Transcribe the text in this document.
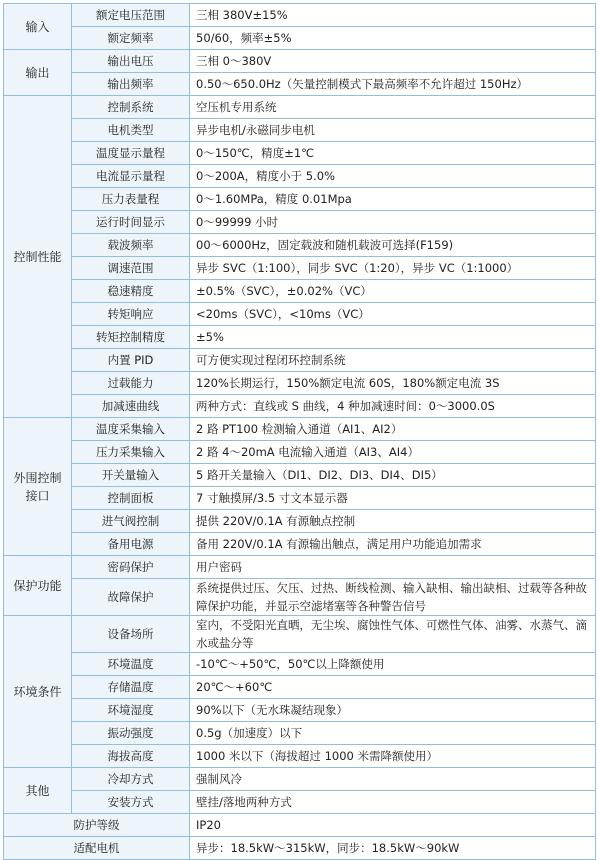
输入	额定电压范围	三相 380V±15%
	额定频率	50/60，频率±5%
输出	输出电压	三相 0～380V
	输出频率	0.50～650.0Hz（矢量控制模式下最高频率不允许超过 150Hz）
控制性能	控制系统	空压机专用系统
	电机类型	异步电机/永磁同步电机
	温度显示量程	0～150℃，精度±1℃
	电流显示量程	0～200A，精度小于 5.0%
	压力表量程	0～1.60MPa，精度 0.01Mpa
	运行时间显示	0～99999 小时
	载波频率	00～6000Hz，固定载波和随机载波可选择(F159)
	调速范围	异步 SVC（1:100），同步 SVC（1:20），异步 VC（1:1000）
	稳速精度	±0.5%（SVC），±0.02%（VC）
	转矩响应	<20ms（SVC），<10ms（VC）
	转矩控制精度	±5%
	内置 PID	可方便实现过程闭环控制系统
	过载能力	120%长期运行，150%额定电流 60S，180%额定电流 3S
	加减速曲线	两种方式：直线或 S 曲线，4 种加减速时间：0～3000.0S
外围控制接口	温度采集输入	2 路 PT100 检测输入通道（AI1、AI2）
	压力采集输入	2 路 4～20mA 电流输入通道（AI3、AI4）
	开关量输入	5 路开关量输入（DI1、DI2、DI3、DI4、DI5）
	控制面板	7 寸触摸屏/3.5 寸文本显示器
	进气阀控制	提供 220V/0.1A 有源触点控制
	备用电源	备用 220V/0.1A 有源输出触点，满足用户功能追加需求
保护功能	密码保护	用户密码
	故障保护	系统提供过压、欠压、过热、断线检测、输入缺相、输出缺相、过载等各种故障保护功能，并显示空滤堵塞等各种警告信号
环境条件	设备场所	室内，不受阳光直晒，无尘埃、腐蚀性气体、可燃性气体、油雾、水蒸气、滴水或盐分等
	环境温度	-10℃～+50℃，50℃以上降额使用
	存储温度	20℃～+60℃
	环境湿度	90%以下（无水珠凝结现象）
	振动强度	0.5g（加速度）以下
	海拔高度	1000 米以下（海拔超过 1000 米需降额使用）
其他	冷却方式	强制风冷
	安装方式	壁挂/落地两种方式
防护等级		IP20
适配电机		异步：18.5kW～315kW，同步：18.5kW～90kW
